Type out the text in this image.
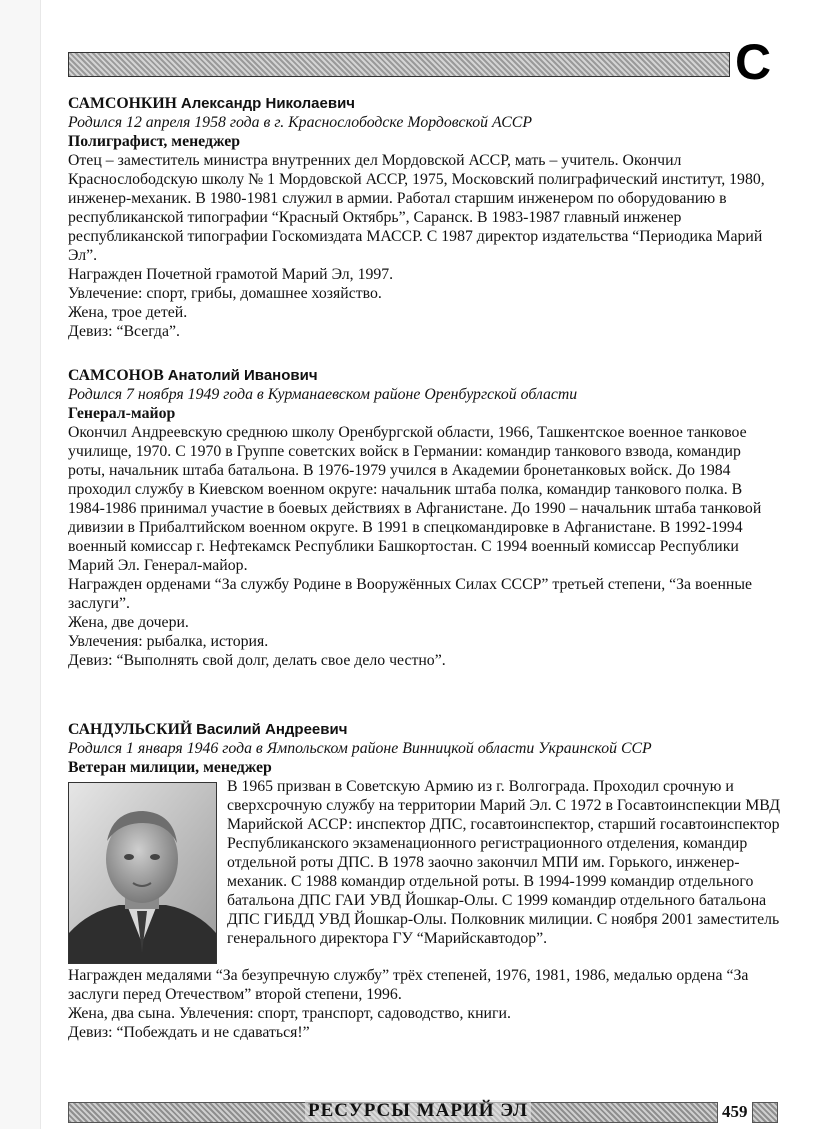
С

САМСОНКИН Александр Николаевич

Родился 12 апреля 1958 года в г. Краснослободске Мордовской АССР

Полиграфист, менеджер

Отец – заместитель министра внутренних дел Мордовской АССР, мать – учитель. Окончил Краснослободскую школу № 1 Мордовской АССР, 1975, Московский полиграфический институт, 1980, инженер-механик. В 1980-1981 служил в армии. Работал старшим инженером по оборудованию в республиканской типографии “Красный Октябрь”, Саранск. В 1983-1987 главный инженер республиканской типографии Госкомиздата МАССР. С 1987 директор издательства “Периодика Марий Эл”.

Награжден Почетной грамотой Марий Эл, 1997.

Увлечение: спорт, грибы, домашнее хозяйство.

Жена, трое детей.

Девиз: “Всегда”.

САМСОНОВ Анатолий Иванович

Родился 7 ноября 1949 года в Курманаевском районе Оренбургской области

Генерал-майор

Окончил Андреевскую среднюю школу Оренбургской области, 1966, Ташкентское военное танковое училище, 1970. С 1970 в Группе советских войск в Германии: командир танкового взвода, командир роты, начальник штаба батальона. В 1976-1979 учился в Академии бронетанковых войск. До 1984 проходил службу в Киевском военном округе: начальник штаба полка, командир танкового полка. В 1984-1986 принимал участие в боевых действиях в Афганистане. До 1990 – начальник штаба танковой дивизии в Прибалтийском военном округе. В 1991 в спецкомандировке в Афганистане. В 1992-1994 военный комиссар г. Нефтекамск Республики Башкортостан. С 1994 военный комиссар Республики Марий Эл. Генерал-майор.

Награжден орденами “За службу Родине в Вооружённых Силах СССР” третьей степени, “За военные заслуги”.

Жена, две дочери.

Увлечения: рыбалка, история.

Девиз: “Выполнять свой долг, делать свое дело честно”.

САНДУЛЬСКИЙ Василий Андреевич

Родился 1 января 1946 года в Ямпольском районе Винницкой области Украинской ССР

Ветеран милиции, менеджер

В 1965 призван в Советскую Армию из г. Волгограда. Проходил срочную и сверхсрочную службу на территории Марий Эл. С 1972 в Госавтоинспекции МВД Марийской АССР: инспектор ДПС, госавтоинспектор, старший госавтоинспектор Республиканского экзаменационного регистрационного отделения, командир отдельной роты ДПС. В 1978 заочно закончил МПИ им. Горького, инженер-механик. С 1988 командир отдельной роты. В 1994-1999 командир отдельного батальона ДПС ГАИ УВД Йошкар-Олы. С 1999 командир отдельного батальона ДПС ГИБДД УВД Йошкар-Олы. Полковник милиции. С ноября 2001 заместитель генерального директора ГУ “Марийскавтодор”.

Награжден медалями “За безупречную службу” трёх степеней, 1976, 1981, 1986, медалью ордена “За заслуги перед Отечеством” второй степени, 1996.

Жена, два сына. Увлечения: спорт, транспорт, садоводство, книги.

Девиз: “Побеждать и не сдаваться!”

РЕСУРСЫ МАРИЙ ЭЛ	459
